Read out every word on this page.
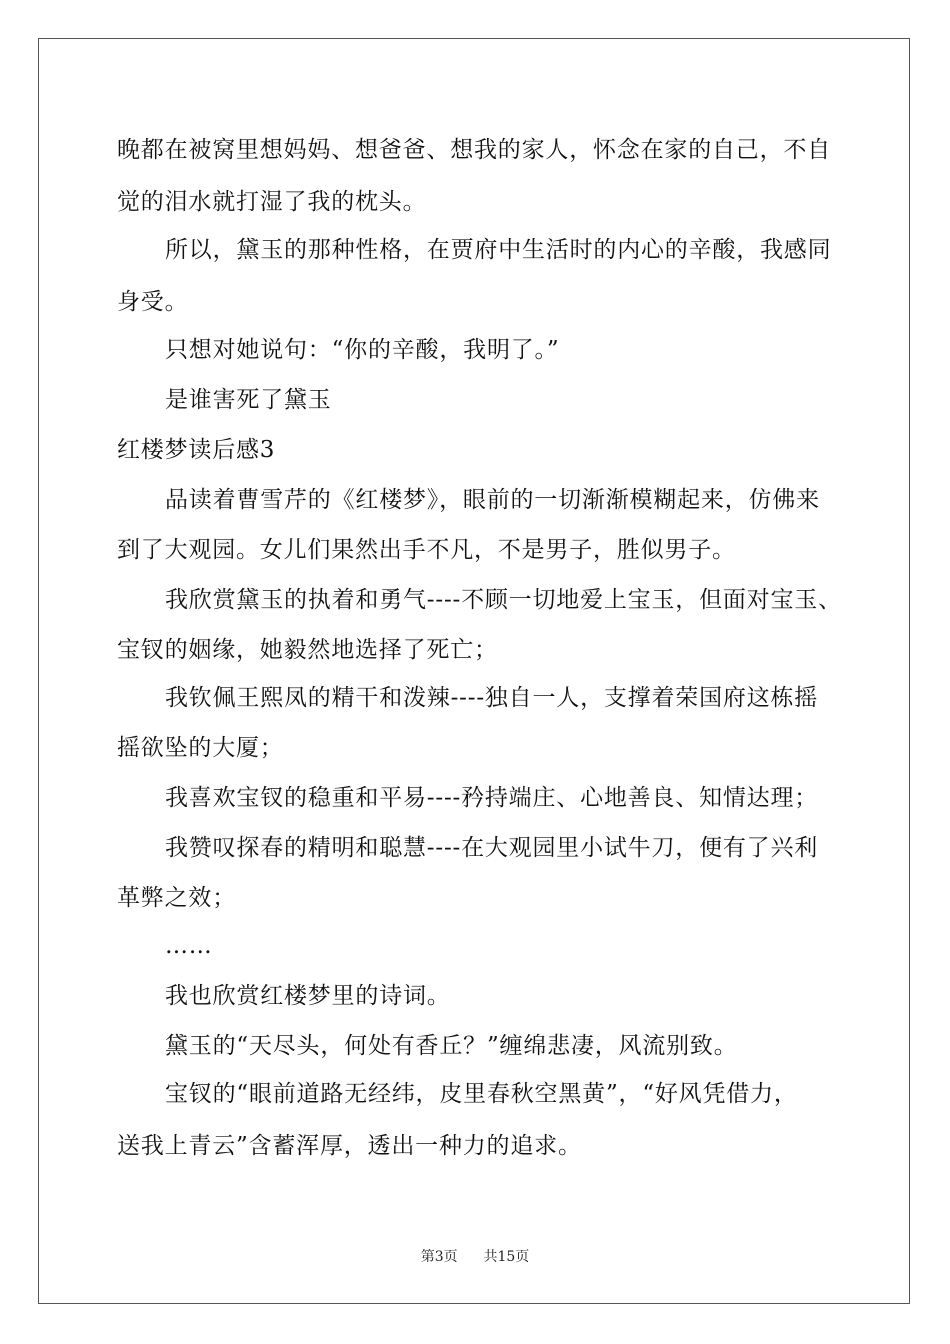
晚都在被窝里想妈妈、想爸爸、想我的家人，怀念在家的自己，不自
觉的泪水就打湿了我的枕头。
所以，黛玉的那种性格，在贾府中生活时的内心的辛酸，我感同
身受。
只想对她说句：“你的辛酸，我明了。”
是谁害死了黛玉
红楼梦读后感3
品读着曹雪芹的《红楼梦》，眼前的一切渐渐模糊起来，仿佛来
到了大观园。女儿们果然出手不凡，不是男子，胜似男子。
我欣赏黛玉的执着和勇气----不顾一切地爱上宝玉，但面对宝玉、
宝钗的姻缘，她毅然地选择了死亡；
我钦佩王熙凤的精干和泼辣----独自一人，支撑着荣国府这栋摇
摇欲坠的大厦；
我喜欢宝钗的稳重和平易----矜持端庄、心地善良、知情达理；
我赞叹探春的精明和聪慧----在大观园里小试牛刀，便有了兴利
革弊之效；
……
我也欣赏红楼梦里的诗词。
黛玉的“天尽头，何处有香丘？”缠绵悲凄，风流别致。
宝钗的“眼前道路无经纬，皮里春秋空黑黄”，“好风凭借力，
送我上青云”含蓄浑厚，透出一种力的追求。
第3页 共15页
